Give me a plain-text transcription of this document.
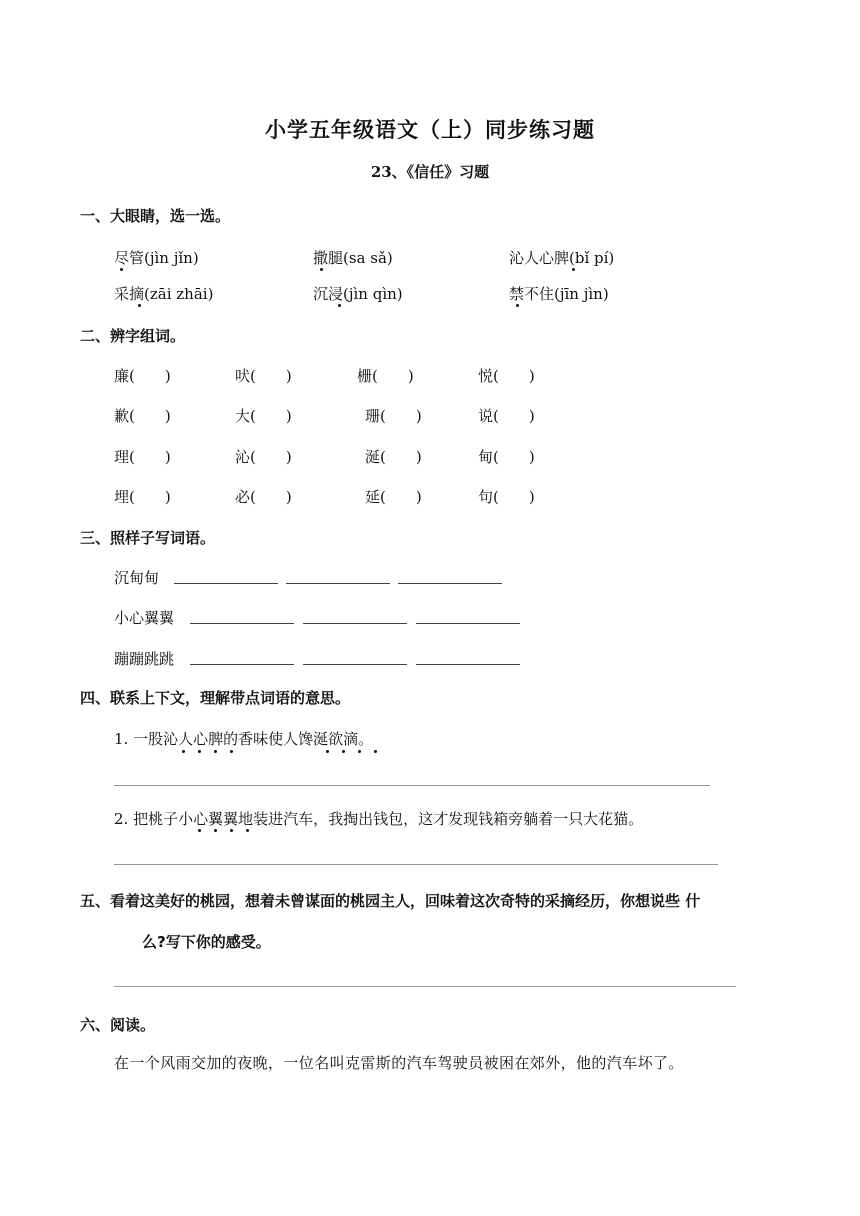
小学五年级语文（上）同步练习题
23、《信任》习题
一、大眼睛，选一选。
尽管(jìn jǐn)	撒腿(sa sǎ)	沁人心脾(bǐ pí)
采摘(zāi zhāi)	沉浸(jìn qìn)	禁不住(jīn jìn)
二、辨字组词。
廉(　　)	吠(　　)	栅(　　)	悦(　　)
歉(　　)	大(　　)	珊(　　)	说(　　)
理(　　)	沁(　　)	涎(　　)	甸(　　)
埋(　　)	必(　　)	延(　　)	句(　　)
三、照样子写词语。
沉甸甸
小心翼翼
蹦蹦跳跳
四、联系上下文，理解带点词语的意思。
1. 一股沁人心脾的香味使人馋涎欲滴。
2. 把桃子小心翼翼地装进汽车，我掏出钱包，这才发现钱箱旁躺着一只大花猫。
五、看着这美好的桃园，想着未曾谋面的桃园主人，回味着这次奇特的采摘经历，你想说些 什
么?写下你的感受。
六、阅读。
在一个风雨交加的夜晚，一位名叫克雷斯的汽车驾驶员被困在郊外，他的汽车坏了。
